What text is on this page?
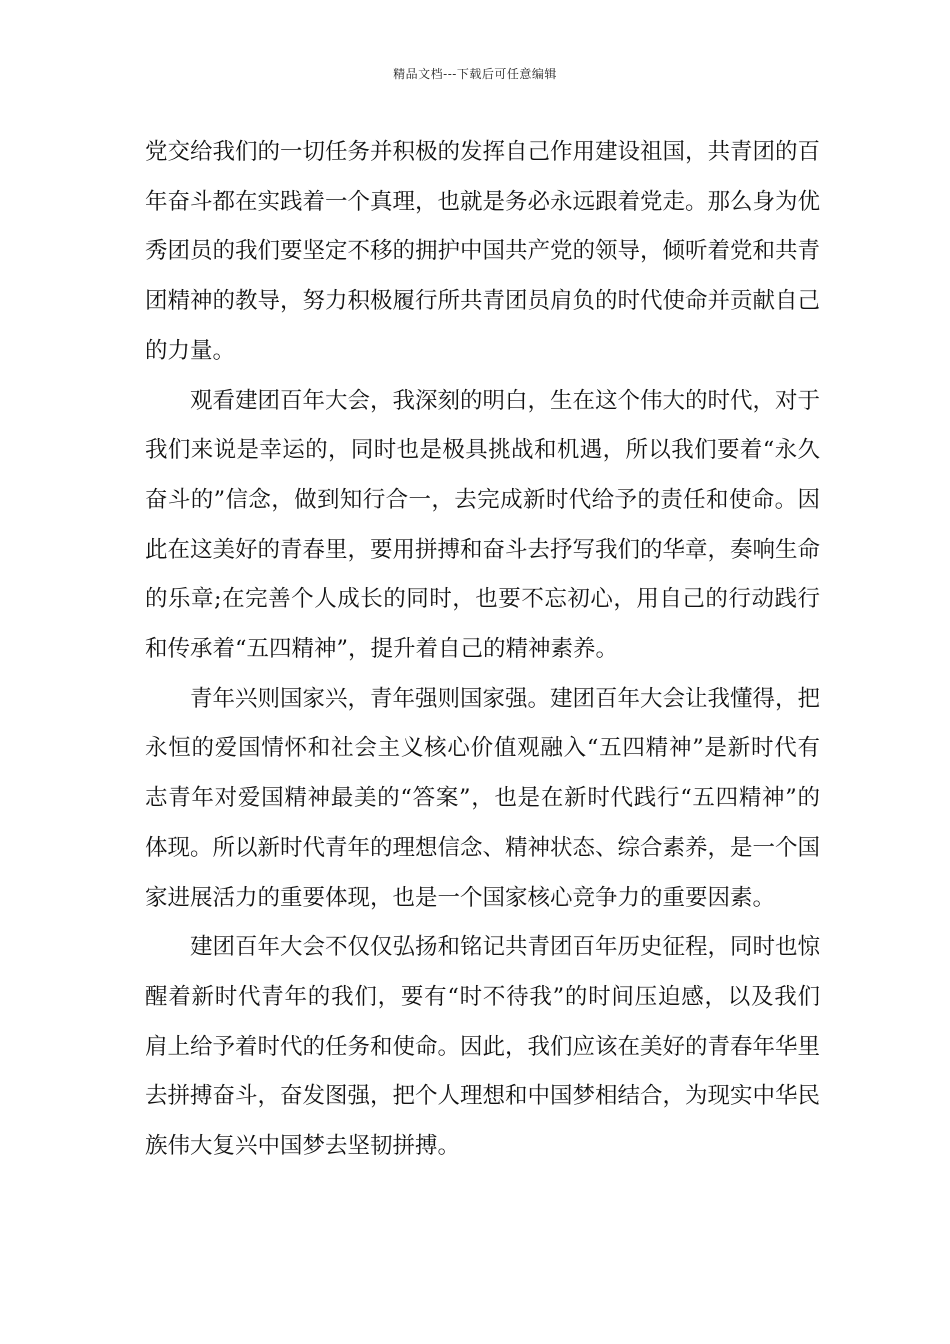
精品文档---下载后可任意编辑

党交给我们的一切任务并积极的发挥自己作用建设祖国，共青团的百年奋斗都在实践着一个真理，也就是务必永远跟着党走。那么身为优秀团员的我们要坚定不移的拥护中国共产党的领导，倾听着党和共青团精神的教导，努力积极履行所共青团员肩负的时代使命并贡献自己的力量。

观看建团百年大会，我深刻的明白，生在这个伟大的时代，对于我们来说是幸运的，同时也是极具挑战和机遇，所以我们要着“永久奋斗的”信念，做到知行合一，去完成新时代给予的责任和使命。因此在这美好的青春里，要用拼搏和奋斗去抒写我们的华章，奏响生命的乐章;在完善个人成长的同时，也要不忘初心，用自己的行动践行和传承着“五四精神”，提升着自己的精神素养。

青年兴则国家兴，青年强则国家强。建团百年大会让我懂得，把永恒的爱国情怀和社会主义核心价值观融入“五四精神”是新时代有志青年对爱国精神最美的“答案”，也是在新时代践行“五四精神”的体现。所以新时代青年的理想信念、精神状态、综合素养，是一个国家进展活力的重要体现，也是一个国家核心竞争力的重要因素。

建团百年大会不仅仅弘扬和铭记共青团百年历史征程，同时也惊醒着新时代青年的我们，要有“时不待我”的时间压迫感，以及我们肩上给予着时代的任务和使命。因此，我们应该在美好的青春年华里去拼搏奋斗，奋发图强，把个人理想和中国梦相结合，为现实中华民族伟大复兴中国梦去坚韧拼搏。
